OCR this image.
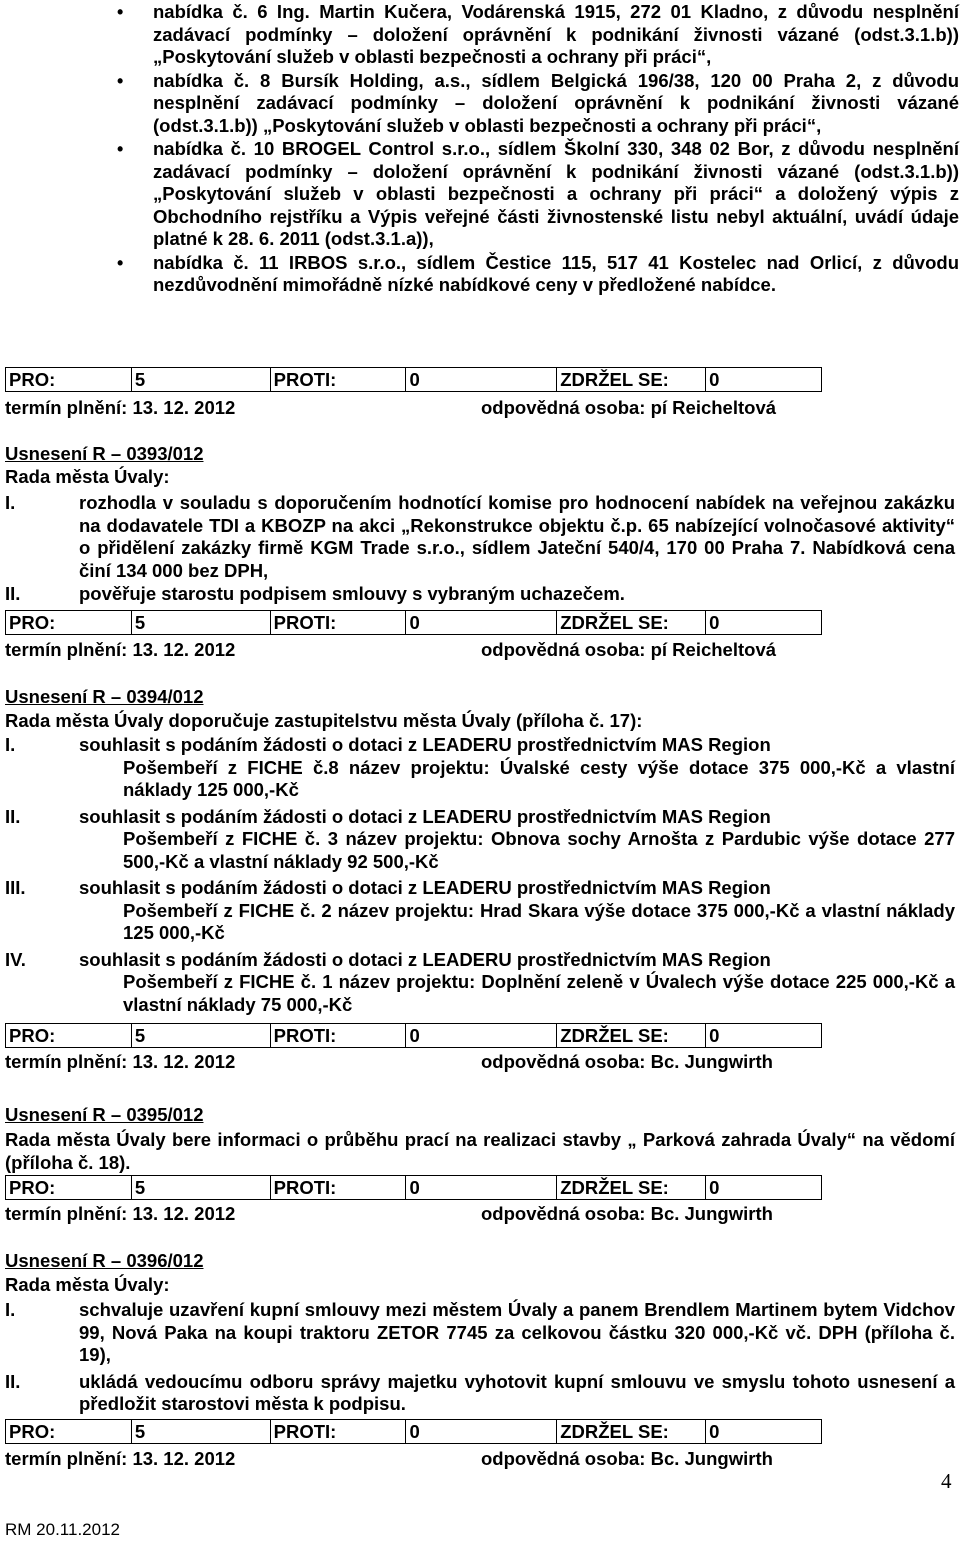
• nabídka č. 6 Ing. Martin Kučera, Vodárenská 1915, 272 01 Kladno, z důvodu nesplnění zadávací podmínky – doložení oprávnění k podnikání živnosti vázané (odst.3.1.b)) „Poskytování služeb v oblasti bezpečnosti a ochrany při práci“,
• nabídka č. 8 Bursík Holding, a.s., sídlem Belgická 196/38, 120 00 Praha 2, z důvodu nesplnění zadávací podmínky – doložení oprávnění k podnikání živnosti vázané (odst.3.1.b)) „Poskytování služeb v oblasti bezpečnosti a ochrany při práci“,
• nabídka č. 10 BROGEL Control s.r.o., sídlem Školní 330, 348 02 Bor, z důvodu nesplnění zadávací podmínky – doložení oprávnění k podnikání živnosti vázané (odst.3.1.b)) „Poskytování služeb v oblasti bezpečnosti a ochrany při práci“ a doložený výpis z Obchodního rejstříku a Výpis veřejné části živnostenské listu nebyl aktuální, uvádí údaje platné k 28. 6. 2011 (odst.3.1.a)),
• nabídka č. 11 IRBOS s.r.o., sídlem Čestice 115, 517 41 Kostelec nad Orlicí, z důvodu nezdůvodnění mimořádně nízké nabídkové ceny v předložené nabídce.
PRO:	5	PROTI:	0	ZDRŽEL SE:	0
termín plnění: 13. 12. 2012	odpovědná osoba: pí Reicheltová
Usnesení R – 0393/012
Rada města Úvaly:
I.	rozhodla v souladu s doporučením hodnotící komise pro hodnocení nabídek na veřejnou zakázku na dodavatele TDI a KBOZP na akci „Rekonstrukce objektu č.p. 65 nabízející volnočasové aktivity“ o přidělení zakázky firmě KGM Trade s.r.o., sídlem Jateční 540/4, 170 00 Praha 7. Nabídková cena činí 134 000 bez DPH,
II.	pověřuje starostu podpisem smlouvy s vybraným uchazečem.
PRO:	5	PROTI:	0	ZDRŽEL SE:	0
termín plnění: 13. 12. 2012	odpovědná osoba: pí Reicheltová
Usnesení R – 0394/012
Rada města Úvaly doporučuje zastupitelstvu města Úvaly (příloha č. 17):
I.	souhlasit s podáním žádosti o dotaci z LEADERU prostřednictvím MAS Region
Pošembeří z FICHE č.8 název projektu: Úvalské cesty výše dotace 375 000,-Kč a vlastní náklady 125 000,-Kč
II.	souhlasit s podáním žádosti o dotaci z LEADERU prostřednictvím MAS Region
Pošembeří z FICHE č. 3 název projektu: Obnova sochy Arnošta z Pardubic výše dotace 277 500,-Kč a vlastní náklady 92 500,-Kč
III.	souhlasit s podáním žádosti o dotaci z LEADERU prostřednictvím MAS Region
Pošembeří z FICHE č. 2 název projektu: Hrad Skara výše dotace 375 000,-Kč a vlastní náklady 125 000,-Kč
IV.	souhlasit s podáním žádosti o dotaci z LEADERU prostřednictvím MAS Region
Pošembeří z FICHE č. 1 název projektu: Doplnění zeleně v Úvalech výše dotace 225 000,-Kč a vlastní náklady 75 000,-Kč
PRO:	5	PROTI:	0	ZDRŽEL SE:	0
termín plnění: 13. 12. 2012	odpovědná osoba: Bc. Jungwirth
Usnesení R – 0395/012
Rada města Úvaly bere informaci o průběhu prací na realizaci stavby „ Parková zahrada Úvaly“ na vědomí (příloha č. 18).
PRO:	5	PROTI:	0	ZDRŽEL SE:	0
termín plnění: 13. 12. 2012	odpovědná osoba: Bc. Jungwirth
Usnesení R – 0396/012
Rada města Úvaly:
I.	schvaluje uzavření kupní smlouvy mezi městem Úvaly a panem Brendlem Martinem bytem Vidchov 99, Nová Paka na koupi traktoru ZETOR 7745 za celkovou částku 320 000,-Kč vč. DPH (příloha č. 19),
II.	ukládá vedoucímu odboru správy majetku vyhotovit kupní smlouvu ve smyslu tohoto usnesení a předložit starostovi města k podpisu.
PRO:	5	PROTI:	0	ZDRŽEL SE:	0
termín plnění: 13. 12. 2012	odpovědná osoba: Bc. Jungwirth
4
RM 20.11.2012
